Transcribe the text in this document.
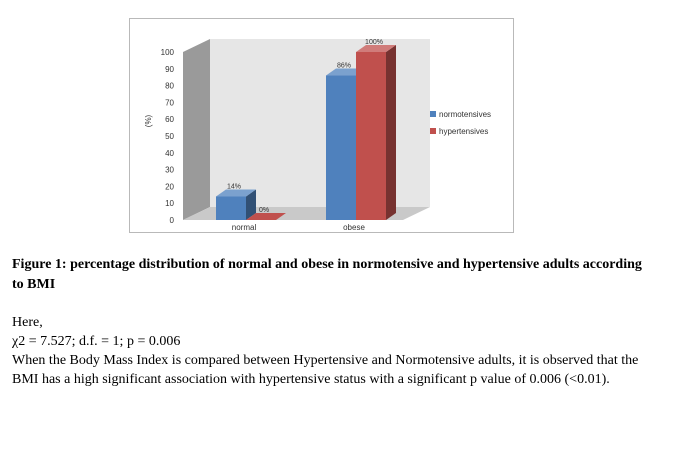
0
10
20
30
40
50
60
70
80
90
100
(%)
14%
0%
normal
86%
100%
obese
normotensives
hypertensives
Figure 1: percentage distribution of normal and obese in normotensive and hypertensive adults according to BMI

Here,

χ2 = 7.527; d.f. = 1; p = 0.006

When the Body Mass Index is compared between Hypertensive and Normotensive adults, it is observed that the BMI has a high significant association with hypertensive status with a significant p value of 0.006 (<0.01).
